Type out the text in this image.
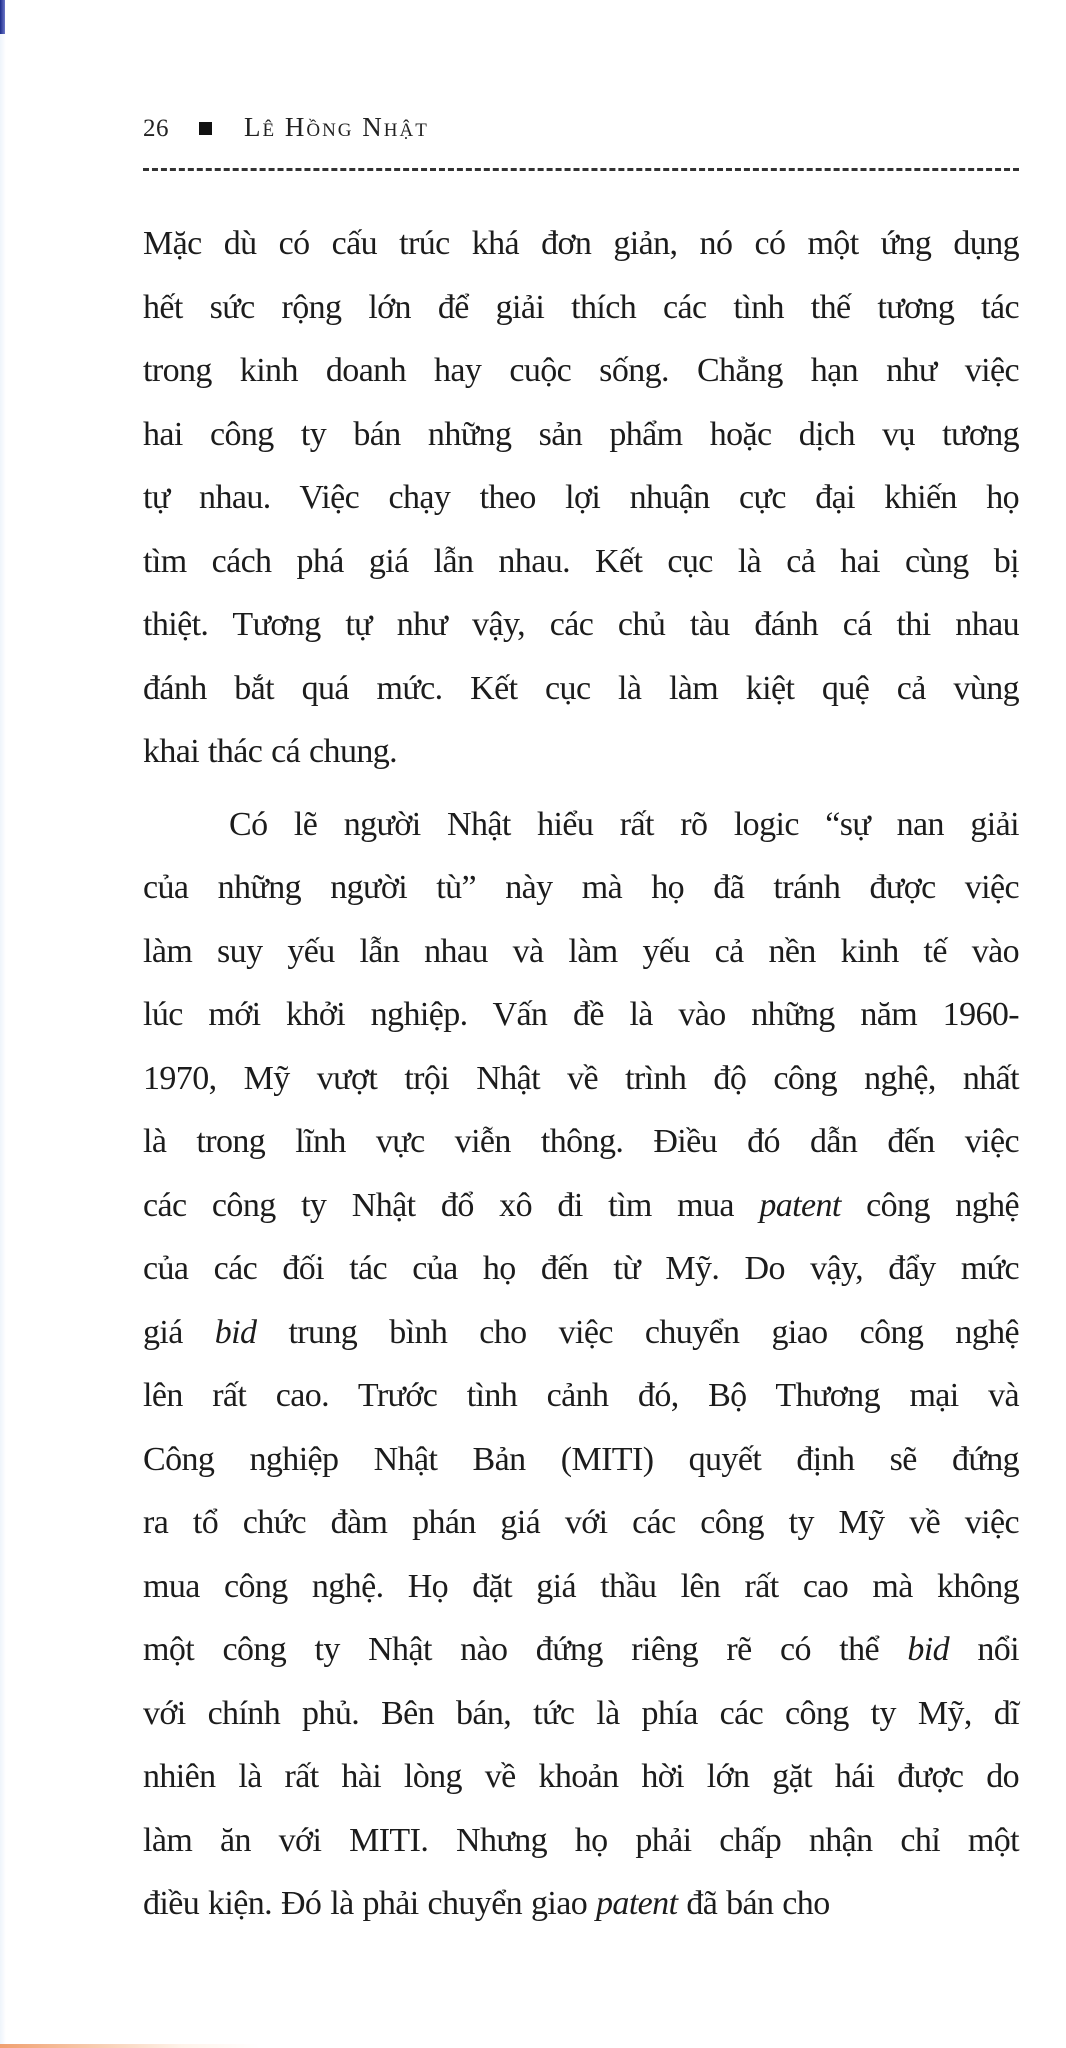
26	Lê Hồng Nhật

Mặc dù có cấu trúc khá đơn giản, nó có một ứng dụng
hết sức rộng lớn để giải thích các tình thế tương tác
trong kinh doanh hay cuộc sống. Chẳng hạn như việc
hai công ty bán những sản phẩm hoặc dịch vụ tương
tự nhau. Việc chạy theo lợi nhuận cực đại khiến họ
tìm cách phá giá lẫn nhau. Kết cục là cả hai cùng bị
thiệt. Tương tự như vậy, các chủ tàu đánh cá thi nhau
đánh bắt quá mức. Kết cục là làm kiệt quệ cả vùng
khai thác cá chung.

Có lẽ người Nhật hiểu rất rõ logic “sự nan giải
của những người tù” này mà họ đã tránh được việc
làm suy yếu lẫn nhau và làm yếu cả nền kinh tế vào
lúc mới khởi nghiệp. Vấn đề là vào những năm 1960-
1970, Mỹ vượt trội Nhật về trình độ công nghệ, nhất
là trong lĩnh vực viễn thông. Điều đó dẫn đến việc
các công ty Nhật đổ xô đi tìm mua patent công nghệ
của các đối tác của họ đến từ Mỹ. Do vậy, đẩy mức
giá bid trung bình cho việc chuyển giao công nghệ
lên rất cao. Trước tình cảnh đó, Bộ Thương mại và
Công nghiệp Nhật Bản (MITI) quyết định sẽ đứng
ra tổ chức đàm phán giá với các công ty Mỹ về việc
mua công nghệ. Họ đặt giá thầu lên rất cao mà không
một công ty Nhật nào đứng riêng rẽ có thể bid nổi
với chính phủ. Bên bán, tức là phía các công ty Mỹ, dĩ
nhiên là rất hài lòng về khoản hời lớn gặt hái được do
làm ăn với MITI. Nhưng họ phải chấp nhận chỉ một
điều kiện. Đó là phải chuyển giao patent đã bán cho
